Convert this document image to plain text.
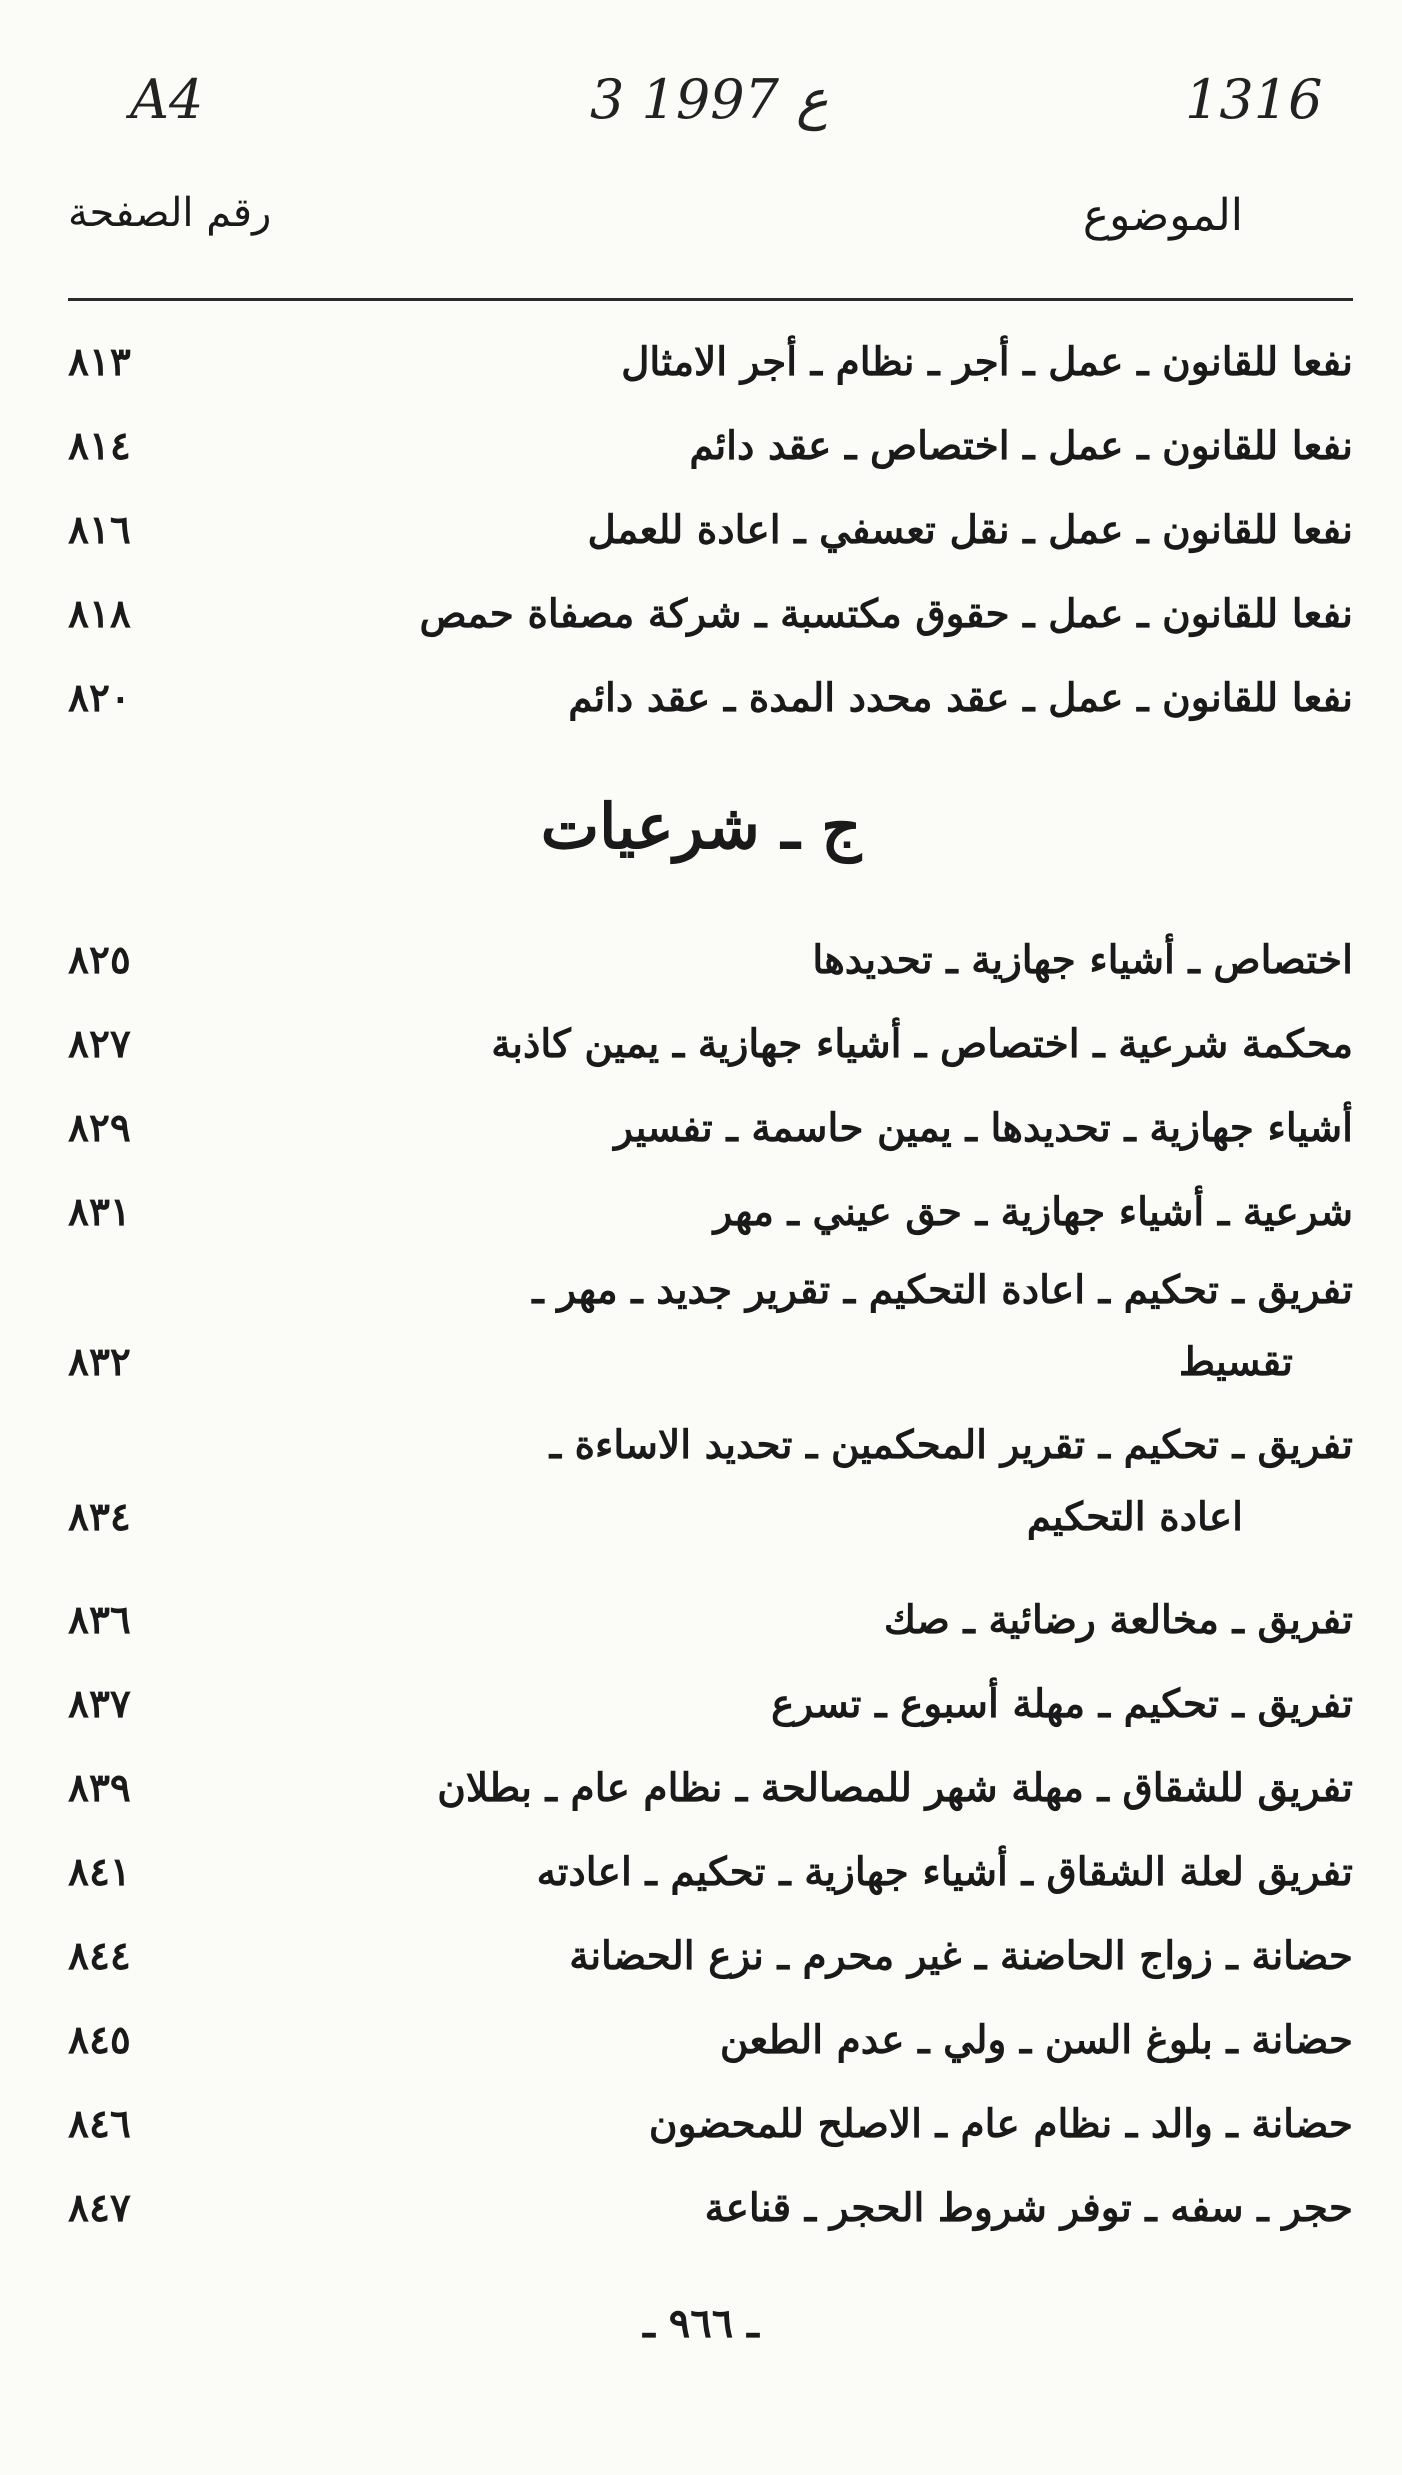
A4	3 ع 1997	1316
الموضوع
رقم الصفحة
نفعا للقانون ـ عمل ـ أجر ـ نظام ـ أجر الامثال
٨١٣
نفعا للقانون ـ عمل ـ اختصاص ـ عقد دائم
٨١٤
نفعا للقانون ـ عمل ـ نقل تعسفي ـ اعادة للعمل
٨١٦
نفعا للقانون ـ عمل ـ حقوق مكتسبة ـ شركة مصفاة حمص
٨١٨
نفعا للقانون ـ عمل ـ عقد محدد المدة ـ عقد دائم
٨٢٠
ج ـ شرعيات
اختصاص ـ أشياء جهازية ـ تحديدها
٨٢٥
محكمة شرعية ـ اختصاص ـ أشياء جهازية ـ يمين كاذبة
٨٢٧
أشياء جهازية ـ تحديدها ـ يمين حاسمة ـ تفسير
٨٢٩
شرعية ـ أشياء جهازية ـ حق عيني ـ مهر
٨٣١
تفريق ـ تحكيم ـ اعادة التحكيم ـ تقرير جديد ـ مهر ـ
تقسيط
٨٣٢
تفريق ـ تحكيم ـ تقرير المحكمين ـ تحديد الاساءة ـ
اعادة التحكيم
٨٣٤
تفريق ـ مخالعة رضائية ـ صك
٨٣٦
تفريق ـ تحكيم ـ مهلة أسبوع ـ تسرع
٨٣٧
تفريق للشقاق ـ مهلة شهر للمصالحة ـ نظام عام ـ بطلان
٨٣٩
تفريق لعلة الشقاق ـ أشياء جهازية ـ تحكيم ـ اعادته
٨٤١
حضانة ـ زواج الحاضنة ـ غير محرم ـ نزع الحضانة
٨٤٤
حضانة ـ بلوغ السن ـ ولي ـ عدم الطعن
٨٤٥
حضانة ـ والد ـ نظام عام ـ الاصلح للمحضون
٨٤٦
حجر ـ سفه ـ توفر شروط الحجر ـ قناعة
٨٤٧
ـ ٩٦٦ ـ
